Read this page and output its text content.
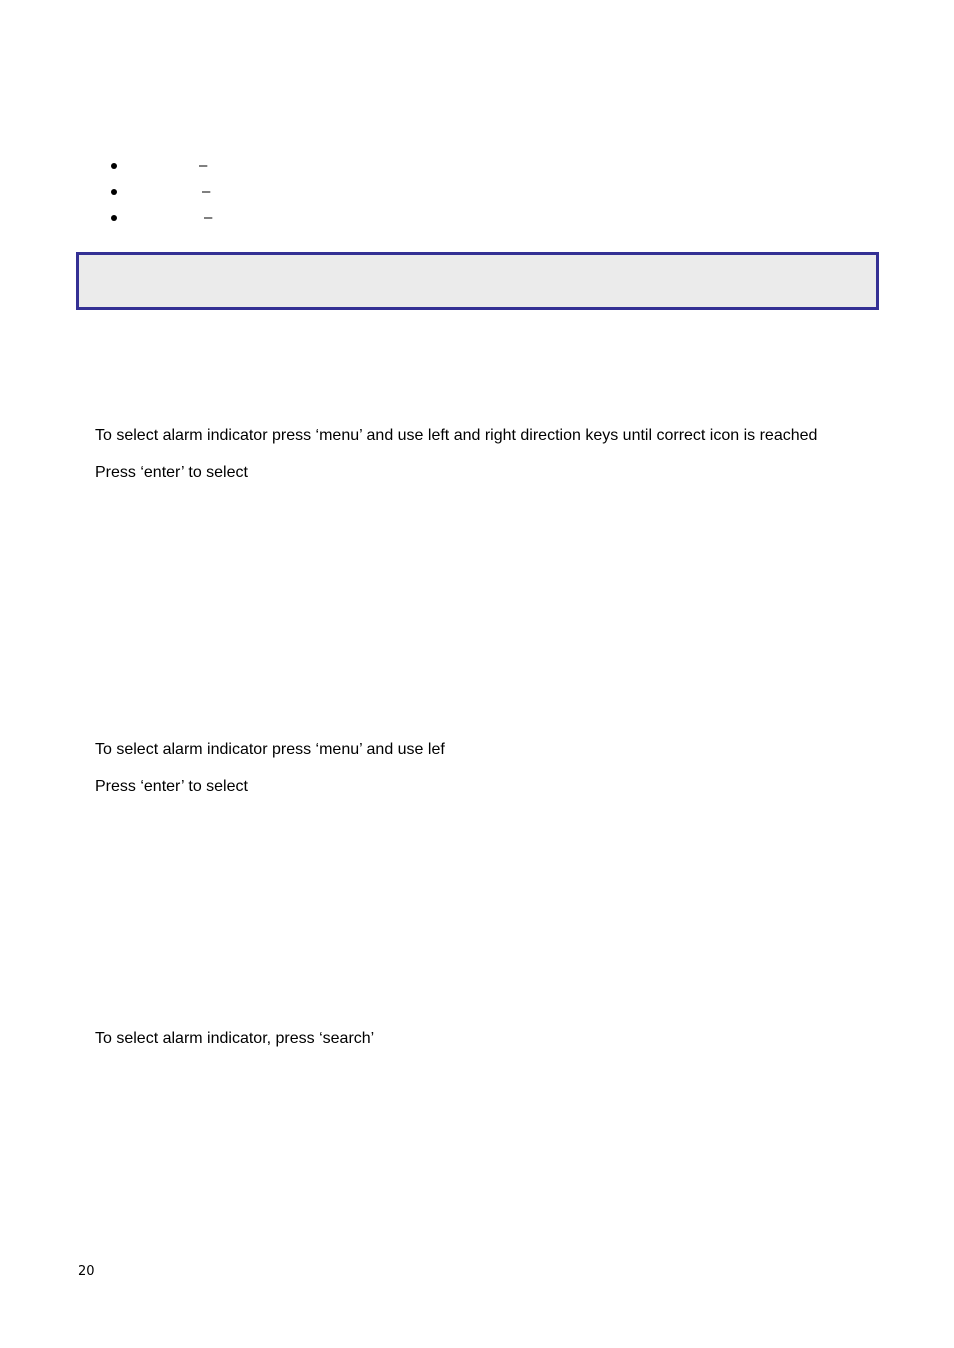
–
–
–
To select alarm indicator press ‘menu’ and use left and right direction keys until correct icon is reached
Press ‘enter’ to select
To select alarm indicator press ‘menu’ and use lef
Press ‘enter’ to select
To select alarm indicator, press ‘search’
20
